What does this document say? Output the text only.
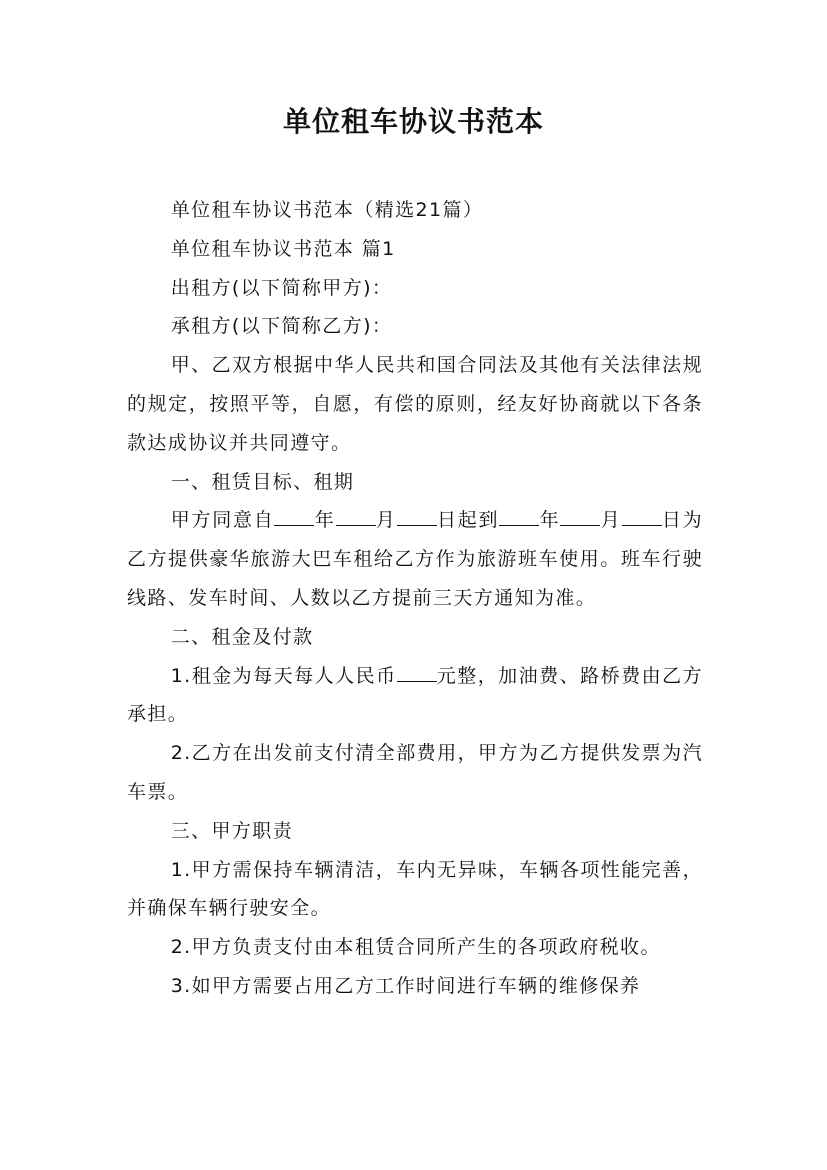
单位租车协议书范本

单位租车协议书范本（精选21篇）

单位租车协议书范本 篇1

出租方(以下简称甲方)：

承租方(以下简称乙方)：

甲、乙双方根据中华人民共和国合同法及其他有关法律法规的规定，按照平等，自愿，有偿的原则，经友好协商就以下各条款达成协议并共同遵守。

一、租赁目标、租期

甲方同意自 年 月 日起到 年 月 日为乙方提供豪华旅游大巴车租给乙方作为旅游班车使用。班车行驶线路、发车时间、人数以乙方提前三天方通知为准。

二、租金及付款

1.租金为每天每人人民币 元整，加油费、路桥费由乙方承担。

2.乙方在出发前支付清全部费用，甲方为乙方提供发票为汽车票。

三、甲方职责

1.甲方需保持车辆清洁，车内无异味，车辆各项性能完善，并确保车辆行驶安全。

2.甲方负责支付由本租赁合同所产生的各项政府税收。

3.如甲方需要占用乙方工作时间进行车辆的维修保养
